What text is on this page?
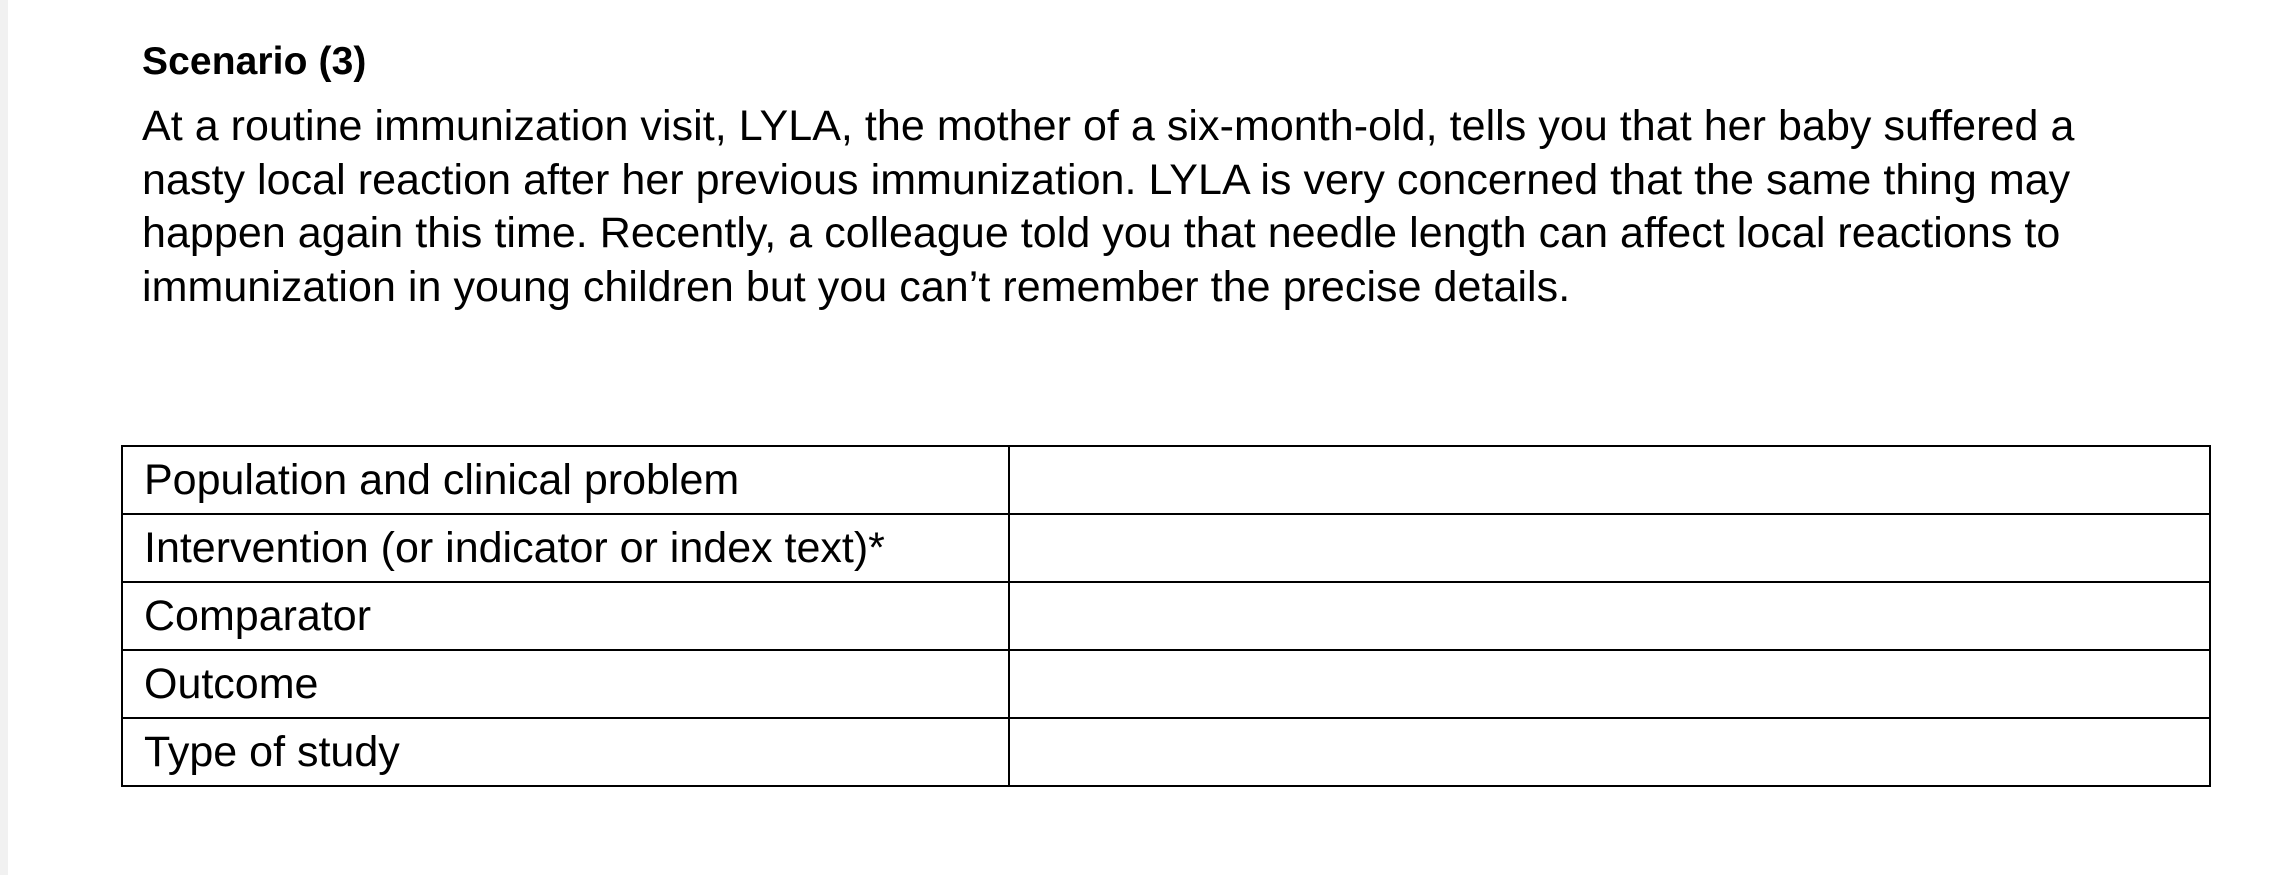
Scenario (3)

At a routine immunization visit, LYLA, the mother of a six-month-old, tells you that her baby suffered a nasty local reaction after her previous immunization. LYLA is very concerned that the same thing may happen again this time. Recently, a colleague told you that needle length can affect local reactions to immunization in young children but you can’t remember the precise details.

Population and clinical problem	
Intervention (or indicator or index text)*	
Comparator	
Outcome	
Type of study	
